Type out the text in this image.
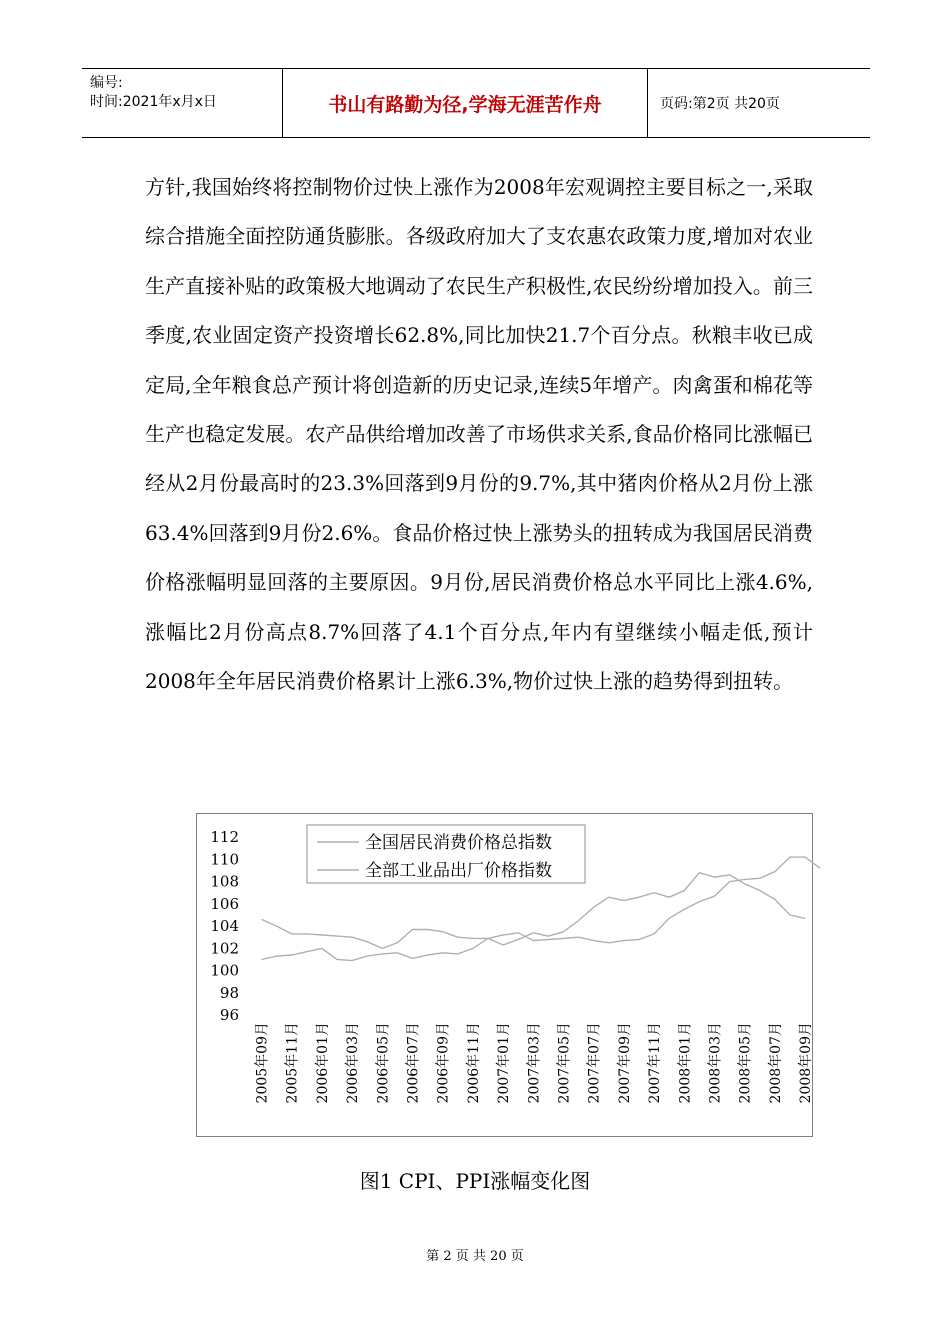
编号:
时间:2021年x月x日	书山有路勤为径,学海无涯苦作舟	页码:第2页 共20页

方针,我国始终将控制物价过快上涨作为2008年宏观调控主要目标之一,采取综合措施全面控防通货膨胀。各级政府加大了支农惠农政策力度,增加对农业生产直接补贴的政策极大地调动了农民生产积极性,农民纷纷增加投入。前三季度,农业固定资产投资增长62.8%,同比加快21.7个百分点。秋粮丰收已成定局,全年粮食总产预计将创造新的历史记录,连续5年增产。肉禽蛋和棉花等生产也稳定发展。农产品供给增加改善了市场供求关系,食品价格同比涨幅已经从2月份最高时的23.3%回落到9月份的9.7%,其中猪肉价格从2月份上涨63.4%回落到9月份2.6%。食品价格过快上涨势头的扭转成为我国居民消费价格涨幅明显回落的主要原因。9月份,居民消费价格总水平同比上涨4.6%,涨幅比2月份高点8.7%回落了4.1个百分点,年内有望继续小幅走低,预计2008年全年居民消费价格累计上涨6.3%,物价过快上涨的趋势得到扭转。

112
110
108
106
104
102
100
98
96
2005年09月 2005年11月 2006年01月 2006年03月 2006年05月 2006年07月 2006年09月 2006年11月 2007年01月 2007年03月 2007年05月 2007年07月 2007年09月 2007年11月 2008年01月 2008年03月 2008年05月 2008年07月 2008年09月
全国居民消费价格总指数
全部工业品出厂价格指数
图1 CPI、PPI涨幅变化图
第 2 页 共 20 页
